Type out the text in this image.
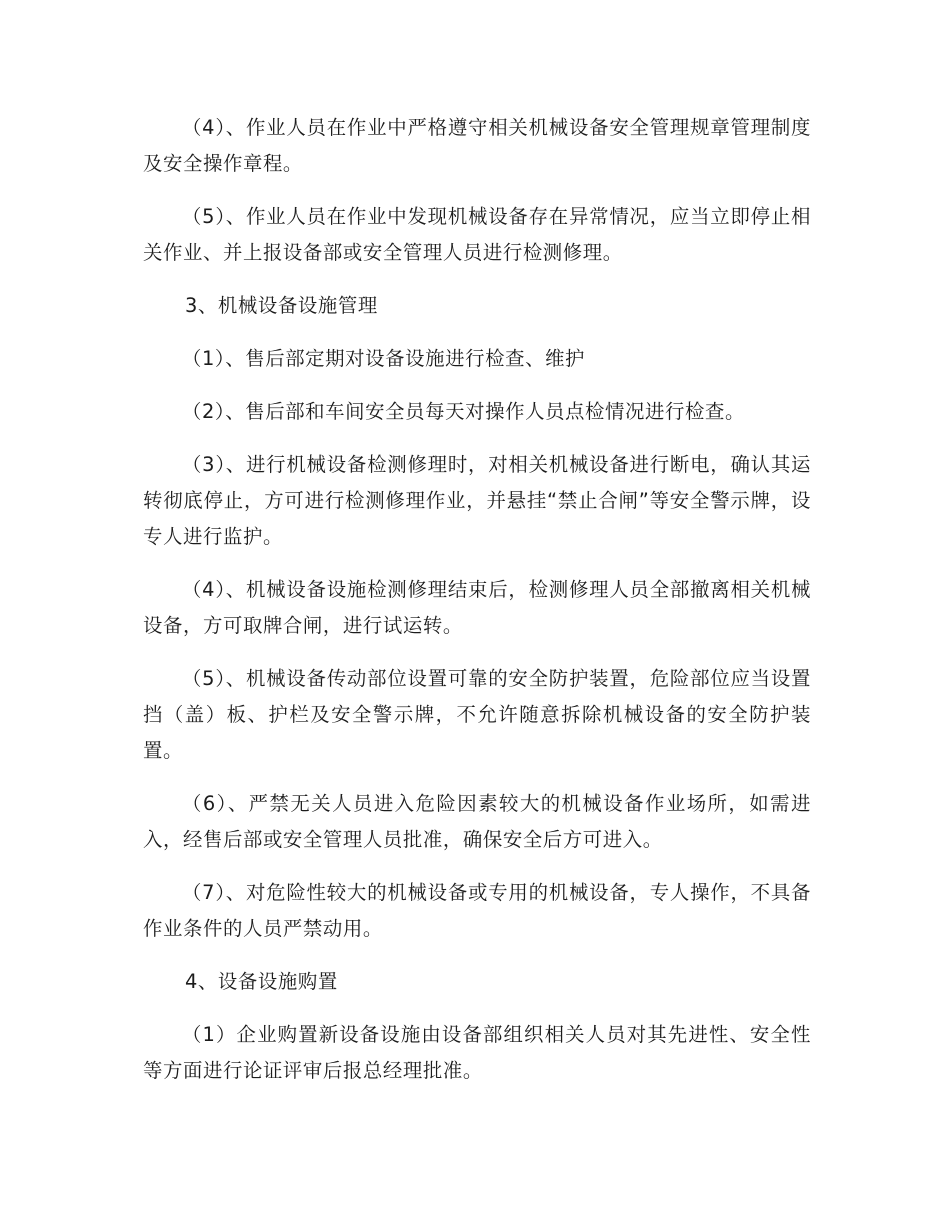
（4）、作业人员在作业中严格遵守相关机械设备安全管理规章管理制度及安全操作章程。

（5）、作业人员在作业中发现机械设备存在异常情况，应当立即停止相关作业、并上报设备部或安全管理人员进行检测修理。

3、机械设备设施管理

（1）、售后部定期对设备设施进行检查、维护

（2）、售后部和车间安全员每天对操作人员点检情况进行检查。

（3）、进行机械设备检测修理时，对相关机械设备进行断电，确认其运转彻底停止，方可进行检测修理作业，并悬挂“禁止合闸”等安全警示牌，设专人进行监护。

（4）、机械设备设施检测修理结束后，检测修理人员全部撤离相关机械设备，方可取牌合闸，进行试运转。

（5）、机械设备传动部位设置可靠的安全防护装置，危险部位应当设置挡（盖）板、护栏及安全警示牌，不允许随意拆除机械设备的安全防护装置。

（6）、严禁无关人员进入危险因素较大的机械设备作业场所，如需进入，经售后部或安全管理人员批准，确保安全后方可进入。

（7）、对危险性较大的机械设备或专用的机械设备，专人操作，不具备作业条件的人员严禁动用。

4、设备设施购置

（1）企业购置新设备设施由设备部组织相关人员对其先进性、安全性等方面进行论证评审后报总经理批准。
